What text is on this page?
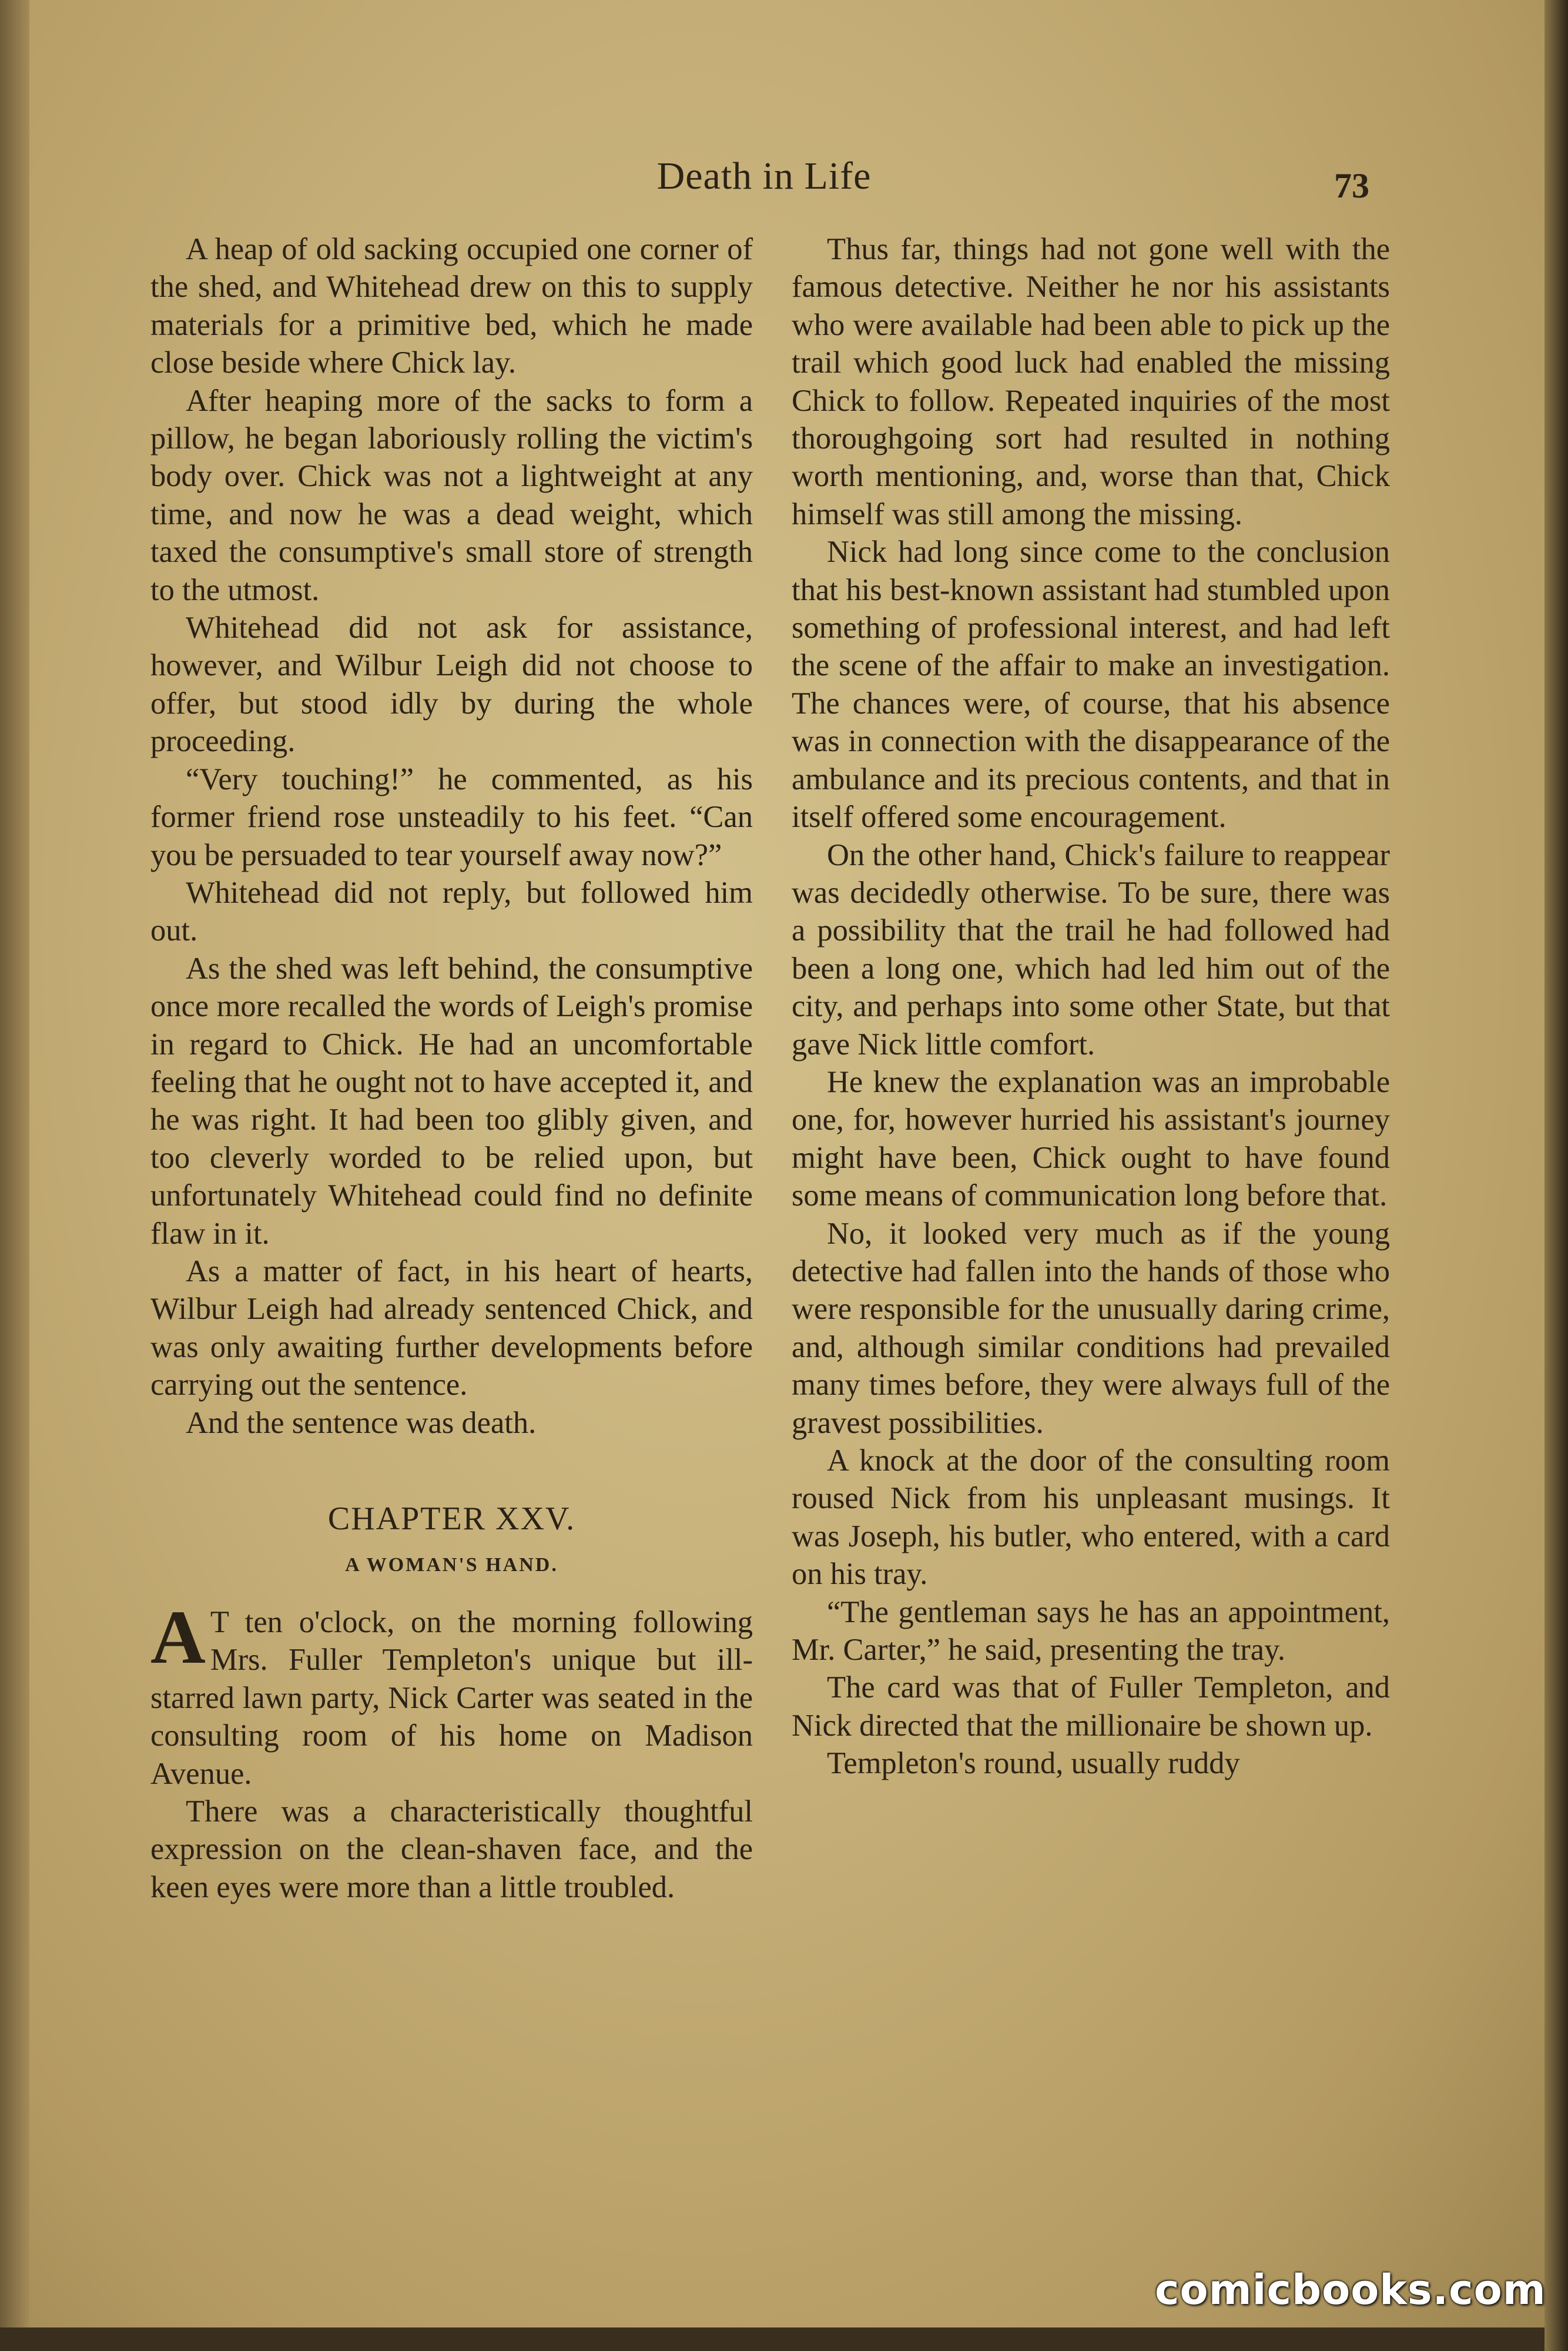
Death in Life	73

A heap of old sacking occupied one corner of the shed, and Whitehead drew on this to supply materials for a primitive bed, which he made close beside where Chick lay.

After heaping more of the sacks to form a pillow, he began laboriously rolling the victim's body over. Chick was not a lightweight at any time, and now he was a dead weight, which taxed the consumptive's small store of strength to the utmost.

Whitehead did not ask for assistance, however, and Wilbur Leigh did not choose to offer, but stood idly by during the whole proceeding.

“Very touching!” he commented, as his former friend rose unsteadily to his feet. “Can you be persuaded to tear yourself away now?”

Whitehead did not reply, but followed him out.

As the shed was left behind, the consumptive once more recalled the words of Leigh's promise in regard to Chick. He had an uncomfortable feeling that he ought not to have accepted it, and he was right. It had been too glibly given, and too cleverly worded to be relied upon, but unfortunately Whitehead could find no definite flaw in it.

As a matter of fact, in his heart of hearts, Wilbur Leigh had already sentenced Chick, and was only awaiting further developments before carrying out the sentence.

And the sentence was death.

CHAPTER XXV.
A WOMAN'S HAND.

A T ten o'clock, on the morning following Mrs. Fuller Templeton's unique but ill-starred lawn party, Nick Carter was seated in the consulting room of his home on Madison Avenue.

There was a characteristically thoughtful expression on the clean-shaven face, and the keen eyes were more than a little troubled.

Thus far, things had not gone well with the famous detective. Neither he nor his assistants who were available had been able to pick up the trail which good luck had enabled the missing Chick to follow. Repeated inquiries of the most thoroughgoing sort had resulted in nothing worth mentioning, and, worse than that, Chick himself was still among the missing.

Nick had long since come to the conclusion that his best-known assistant had stumbled upon something of professional interest, and had left the scene of the affair to make an investigation. The chances were, of course, that his absence was in connection with the disappearance of the ambulance and its precious contents, and that in itself offered some encouragement.

On the other hand, Chick's failure to reappear was decidedly otherwise. To be sure, there was a possibility that the trail he had followed had been a long one, which had led him out of the city, and perhaps into some other State, but that gave Nick little comfort.

He knew the explanation was an improbable one, for, however hurried his assistant's journey might have been, Chick ought to have found some means of communication long before that.

No, it looked very much as if the young detective had fallen into the hands of those who were responsible for the unusually daring crime, and, although similar conditions had prevailed many times before, they were always full of the gravest possibilities.

A knock at the door of the consulting room roused Nick from his unpleasant musings. It was Joseph, his butler, who entered, with a card on his tray.

“The gentleman says he has an appointment, Mr. Carter,” he said, presenting the tray.

The card was that of Fuller Templeton, and Nick directed that the millionaire be shown up.

Templeton's round, usually ruddy

comicbooks.com
